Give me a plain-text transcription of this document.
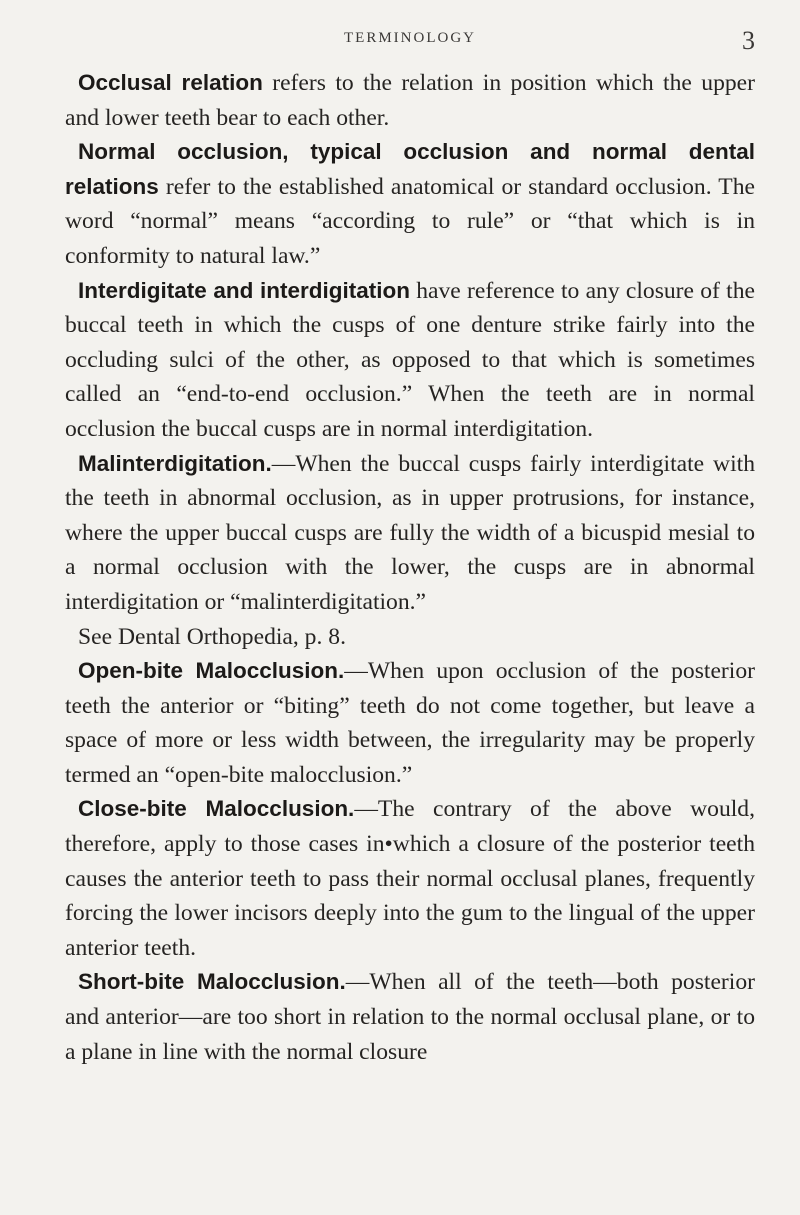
TERMINOLOGY	3

Occlusal relation refers to the relation in position which the upper and lower teeth bear to each other.

Normal occlusion, typical occlusion and normal dental relations refer to the established anatomical or standard occlusion. The word “normal” means “according to rule” or “that which is in conformity to natural law.”

Interdigitate and interdigitation have reference to any closure of the buccal teeth in which the cusps of one denture strike fairly into the occluding sulci of the other, as opposed to that which is sometimes called an “end-to-end occlusion.” When the teeth are in normal occlusion the buccal cusps are in normal interdigitation.

Malinterdigitation.—When the buccal cusps fairly interdigitate with the teeth in abnormal occlusion, as in upper protrusions, for instance, where the upper buccal cusps are fully the width of a bicuspid mesial to a normal occlusion with the lower, the cusps are in abnormal interdigitation or “malinterdigitation.”

See Dental Orthopedia, p. 8.

Open-bite Malocclusion.—When upon occlusion of the posterior teeth the anterior or “biting” teeth do not come together, but leave a space of more or less width between, the irregularity may be properly termed an “open-bite malocclusion.”

Close-bite Malocclusion.—The contrary of the above would, therefore, apply to those cases in•which a closure of the posterior teeth causes the anterior teeth to pass their normal occlusal planes, frequently forcing the lower incisors deeply into the gum to the lingual of the upper anterior teeth.

Short-bite Malocclusion.—When all of the teeth—both posterior and anterior—are too short in relation to the normal occlusal plane, or to a plane in line with the normal closure
